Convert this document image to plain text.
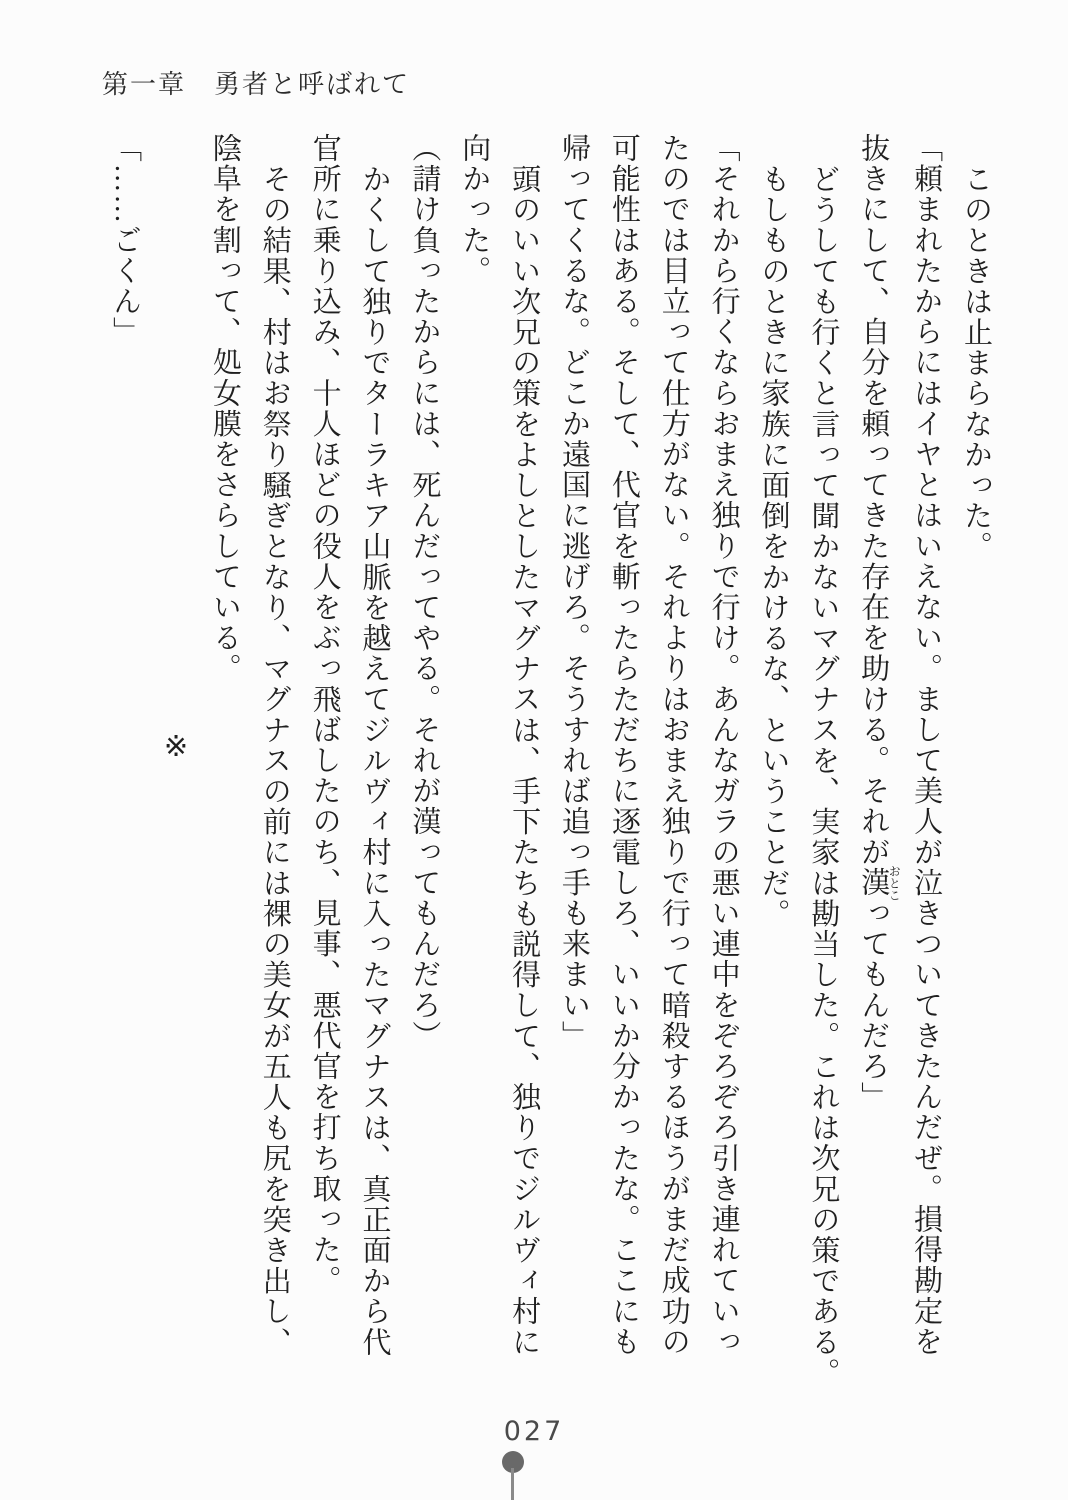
第一章　勇者と呼ばれて

このときは止まらなかった。

「頼まれたからにはイヤとはいえない。まして美人が泣きついてきたんだぜ。損得勘定を

抜きにして、自分を頼ってきた存在を助ける。それが漢おとこってもんだろ」

どうしても行くと言って聞かないマグナスを、実家は勘当した。これは次兄の策である。

もしものときに家族に面倒をかけるな、ということだ。

「それから行くならおまえ独りで行け。あんなガラの悪い連中をぞろぞろ引き連れていっ

たのでは目立って仕方がない。それよりはおまえ独りで行って暗殺するほうがまだ成功の

可能性はある。そして、代官を斬ったらただちに逐電しろ、いいか分かったな。ここにも

帰ってくるな。どこか遠国に逃げろ。そうすれば追っ手も来まい」

頭のいい次兄の策をよしとしたマグナスは、手下たちも説得して、独りでジルヴィ村に

向かった。

（請け負ったからには、死んだってやる。それが漢ってもんだろ）

かくして独りでターラキア山脈を越えてジルヴィ村に入ったマグナスは、真正面から代

官所に乗り込み、十人ほどの役人をぶっ飛ばしたのち、見事、悪代官を打ち取った。

その結果、村はお祭り騒ぎとなり、マグナスの前には裸の美女が五人も尻を突き出し、

陰阜を割って、処女膜をさらしている。

※

「……ごくん」

027
